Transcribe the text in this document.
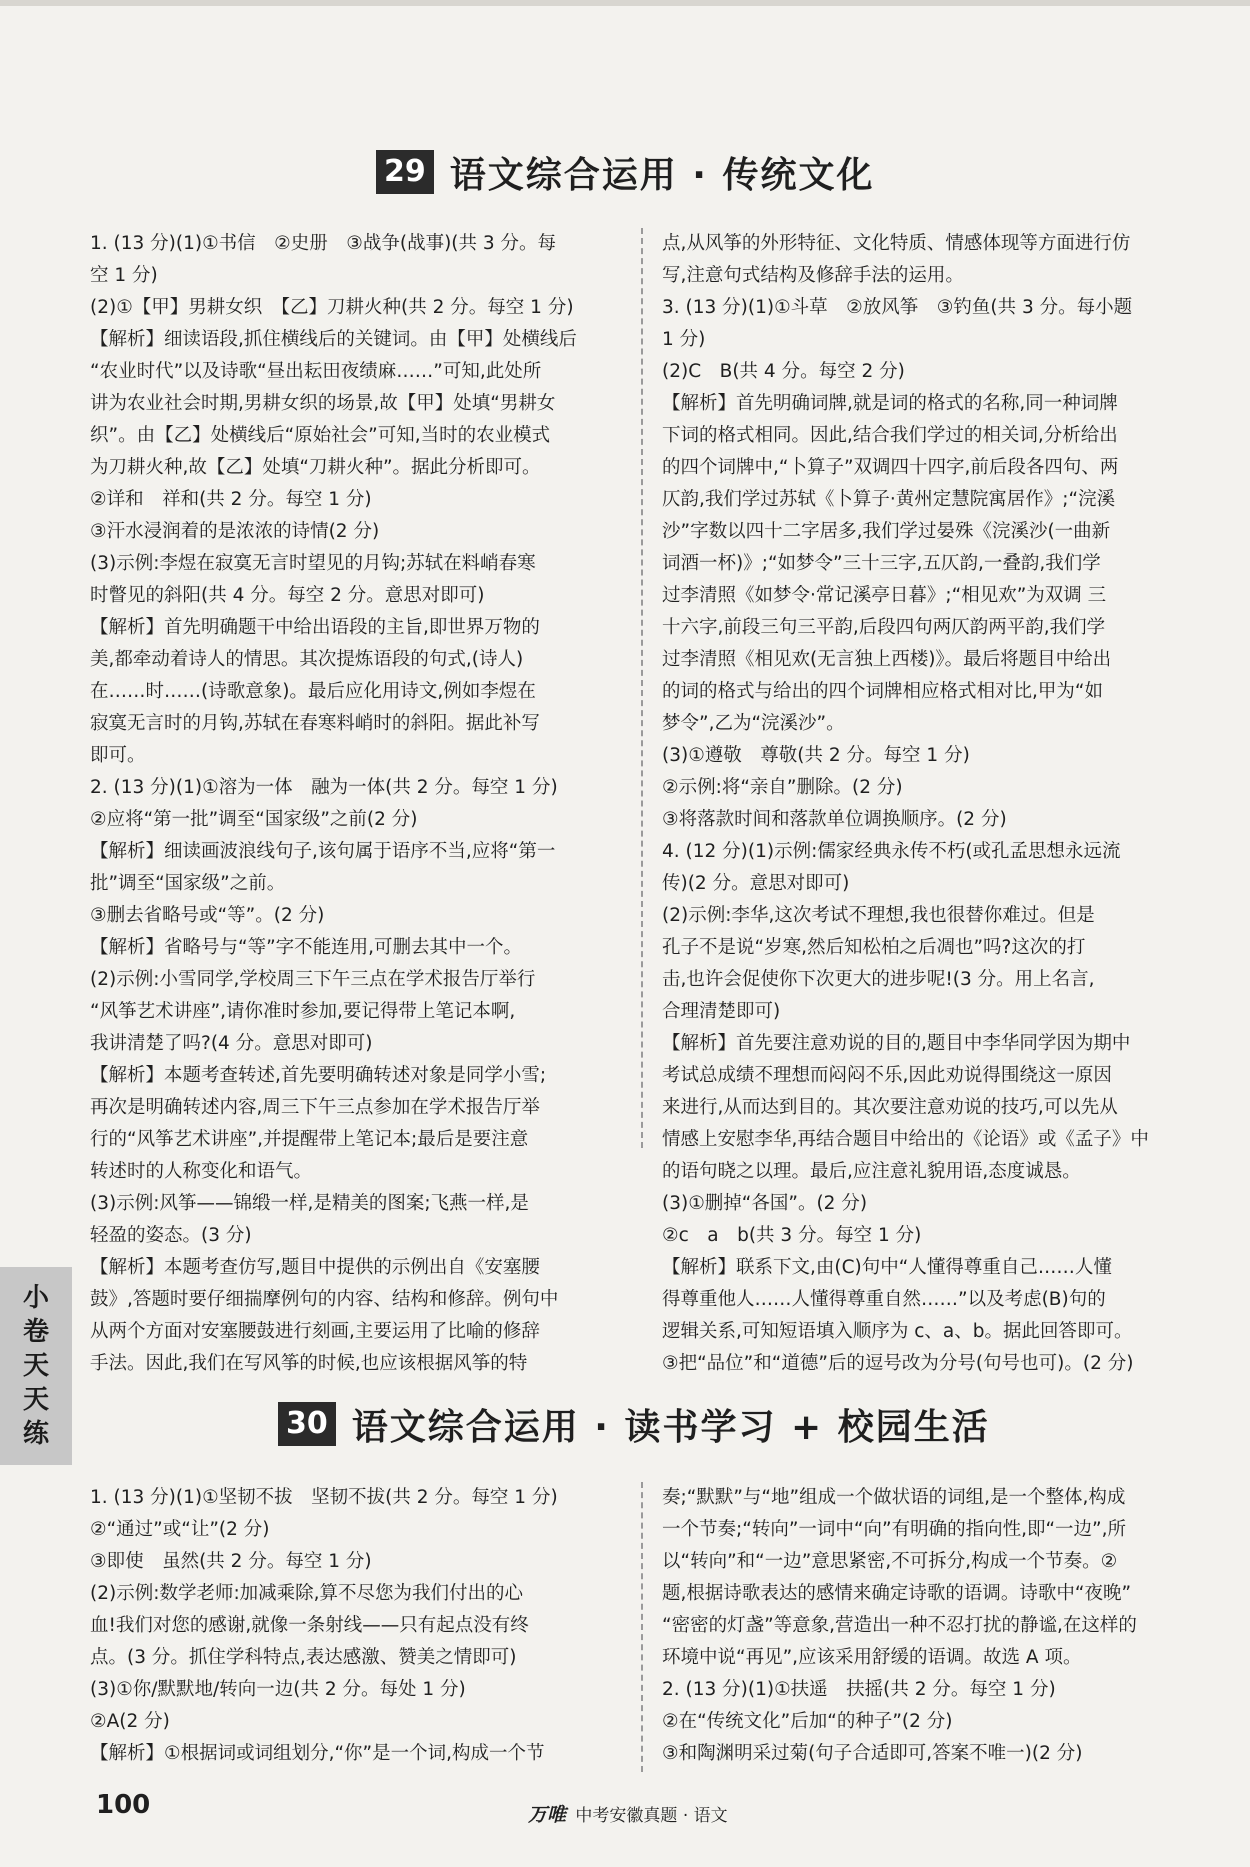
29 语文综合运用 · 传统文化

1. (13 分)(1)①书信　②史册　③战争(战事)(共 3 分。每

空 1 分)

(2)①【甲】男耕女织　【乙】刀耕火种(共 2 分。每空 1 分)

【解析】细读语段,抓住横线后的关键词。由【甲】处横线后

“农业时代”以及诗歌“昼出耘田夜绩麻……”可知,此处所

讲为农业社会时期,男耕女织的场景,故【甲】处填“男耕女

织”。由【乙】处横线后“原始社会”可知,当时的农业模式

为刀耕火种,故【乙】处填“刀耕火种”。据此分析即可。

②详和　祥和(共 2 分。每空 1 分)

③汗水浸润着的是浓浓的诗情(2 分)

(3)示例:李煜在寂寞无言时望见的月钩;苏轼在料峭春寒

时瞥见的斜阳(共 4 分。每空 2 分。意思对即可)

【解析】首先明确题干中给出语段的主旨,即世界万物的

美,都牵动着诗人的情思。其次提炼语段的句式,(诗人)

在……时……(诗歌意象)。最后应化用诗文,例如李煜在

寂寞无言时的月钩,苏轼在春寒料峭时的斜阳。据此补写

即可。

2. (13 分)(1)①溶为一体　融为一体(共 2 分。每空 1 分)

②应将“第一批”调至“国家级”之前(2 分)

【解析】细读画波浪线句子,该句属于语序不当,应将“第一

批”调至“国家级”之前。

③删去省略号或“等”。(2 分)

【解析】省略号与“等”字不能连用,可删去其中一个。

(2)示例:小雪同学,学校周三下午三点在学术报告厅举行

“风筝艺术讲座”,请你准时参加,要记得带上笔记本啊,

我讲清楚了吗?(4 分。意思对即可)

【解析】本题考查转述,首先要明确转述对象是同学小雪;

再次是明确转述内容,周三下午三点参加在学术报告厅举

行的“风筝艺术讲座”,并提醒带上笔记本;最后是要注意

转述时的人称变化和语气。

(3)示例:风筝——锦缎一样,是精美的图案;飞燕一样,是

轻盈的姿态。(3 分)

【解析】本题考查仿写,题目中提供的示例出自《安塞腰

鼓》,答题时要仔细揣摩例句的内容、结构和修辞。例句中

从两个方面对安塞腰鼓进行刻画,主要运用了比喻的修辞

手法。因此,我们在写风筝的时候,也应该根据风筝的特

点,从风筝的外形特征、文化特质、情感体现等方面进行仿

写,注意句式结构及修辞手法的运用。

3. (13 分)(1)①斗草　②放风筝　③钓鱼(共 3 分。每小题

1 分)

(2)C　B(共 4 分。每空 2 分)

【解析】首先明确词牌,就是词的格式的名称,同一种词牌

下词的格式相同。因此,结合我们学过的相关词,分析给出

的四个词牌中,“卜算子”双调四十四字,前后段各四句、两

仄韵,我们学过苏轼《卜算子·黄州定慧院寓居作》;“浣溪

沙”字数以四十二字居多,我们学过晏殊《浣溪沙(一曲新

词酒一杯)》;“如梦令”三十三字,五仄韵,一叠韵,我们学

过李清照《如梦令·常记溪亭日暮》;“相见欢”为双调 三

十六字,前段三句三平韵,后段四句两仄韵两平韵,我们学

过李清照《相见欢(无言独上西楼)》。最后将题目中给出

的词的格式与给出的四个词牌相应格式相对比,甲为“如

梦令”,乙为“浣溪沙”。

(3)①遵敬　尊敬(共 2 分。每空 1 分)

②示例:将“亲自”删除。(2 分)

③将落款时间和落款单位调换顺序。(2 分)

4. (12 分)(1)示例:儒家经典永传不朽(或孔孟思想永远流

传)(2 分。意思对即可)

(2)示例:李华,这次考试不理想,我也很替你难过。但是

孔子不是说“岁寒,然后知松柏之后凋也”吗?这次的打

击,也许会促使你下次更大的进步呢!(3 分。用上名言,

合理清楚即可)

【解析】首先要注意劝说的目的,题目中李华同学因为期中

考试总成绩不理想而闷闷不乐,因此劝说得围绕这一原因

来进行,从而达到目的。其次要注意劝说的技巧,可以先从

情感上安慰李华,再结合题目中给出的《论语》或《孟子》中

的语句晓之以理。最后,应注意礼貌用语,态度诚恳。

(3)①删掉“各国”。(2 分)

②c　a　b(共 3 分。每空 1 分)

【解析】联系下文,由(C)句中“人懂得尊重自己……人懂

得尊重他人……人懂得尊重自然……”以及考虑(B)句的

逻辑关系,可知短语填入顺序为 c、a、b。据此回答即可。

③把“品位”和“道德”后的逗号改为分号(句号也可)。(2 分)

30 语文综合运用 · 读书学习 + 校园生活

1. (13 分)(1)①坚韧不拔　坚韧不拔(共 2 分。每空 1 分)

②“通过”或“让”(2 分)

③即使　虽然(共 2 分。每空 1 分)

(2)示例:数学老师:加减乘除,算不尽您为我们付出的心

血!我们对您的感谢,就像一条射线——只有起点没有终

点。(3 分。抓住学科特点,表达感激、赞美之情即可)

(3)①你/默默地/转向一边(共 2 分。每处 1 分)

②A(2 分)

【解析】①根据词或词组划分,“你”是一个词,构成一个节

奏;“默默”与“地”组成一个做状语的词组,是一个整体,构成

一个节奏;“转向”一词中“向”有明确的指向性,即“一边”,所

以“转向”和“一边”意思紧密,不可拆分,构成一个节奏。②

题,根据诗歌表达的感情来确定诗歌的语调。诗歌中“夜晚”

“密密的灯盏”等意象,营造出一种不忍打扰的静谧,在这样的

环境中说“再见”,应该采用舒缓的语调。故选 A 项。

2. (13 分)(1)①扶遥　扶摇(共 2 分。每空 1 分)

②在“传统文化”后加“的种子”(2 分)

③和陶渊明采过菊(句子合适即可,答案不唯一)(2 分)

小
卷
天
天
练
100	万唯 中考安徽真题 · 语文
